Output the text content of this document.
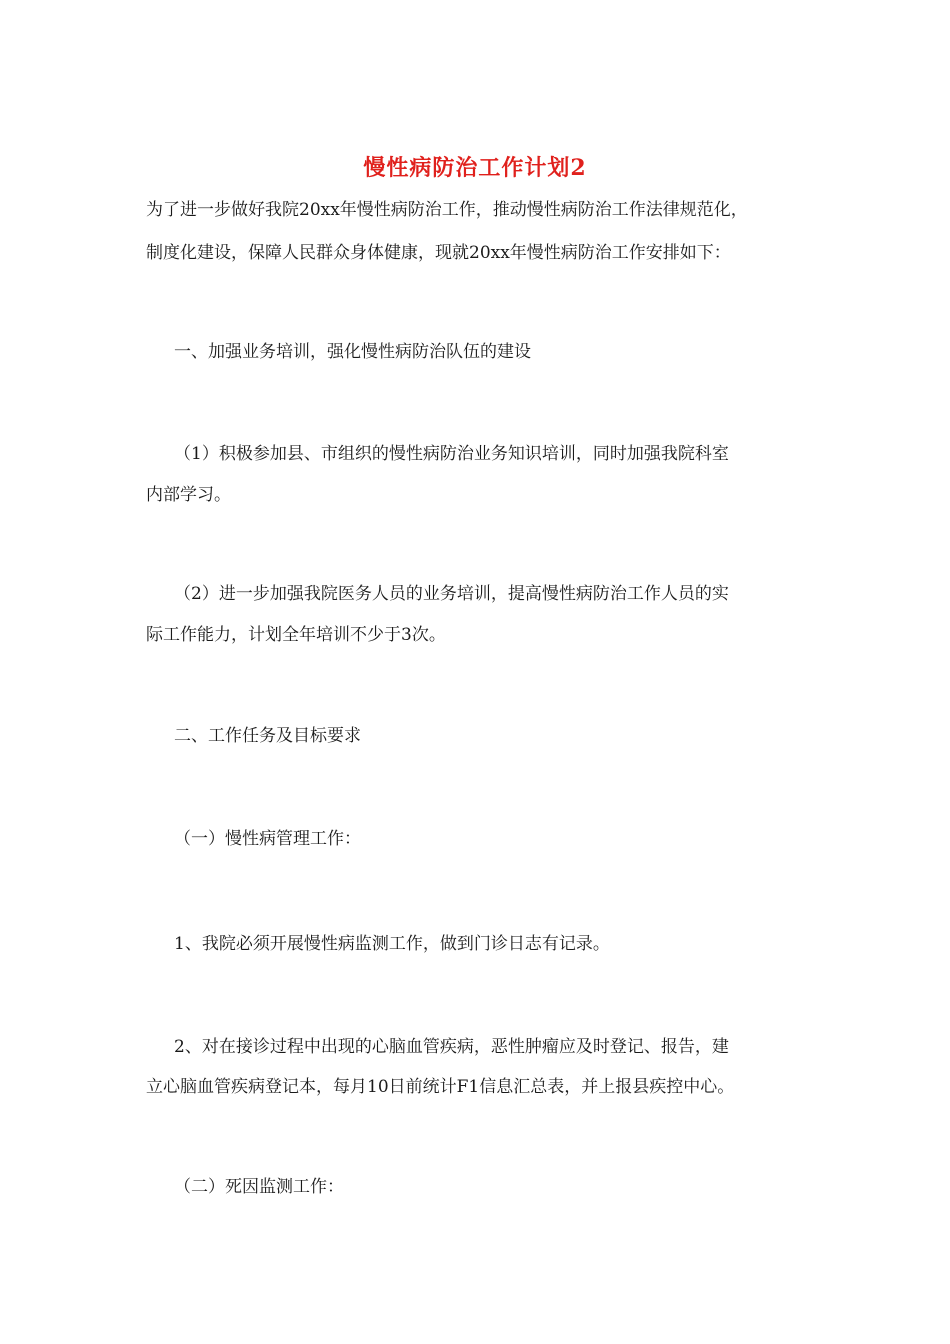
慢性病防治工作计划2

为了进一步做好我院20xx年慢性病防治工作，推动慢性病防治工作法律规范化，

制度化建设，保障人民群众身体健康，现就20xx年慢性病防治工作安排如下：

一、加强业务培训，强化慢性病防治队伍的建设

（1）积极参加县、市组织的慢性病防治业务知识培训，同时加强我院科室

内部学习。

（2）进一步加强我院医务人员的业务培训，提高慢性病防治工作人员的实

际工作能力，计划全年培训不少于3次。

二、工作任务及目标要求

（一）慢性病管理工作：

1、我院必须开展慢性病监测工作，做到门诊日志有记录。

2、对在接诊过程中出现的心脑血管疾病，恶性肿瘤应及时登记、报告，建

立心脑血管疾病登记本，每月10日前统计F1信息汇总表，并上报县疾控中心。

（二）死因监测工作：
